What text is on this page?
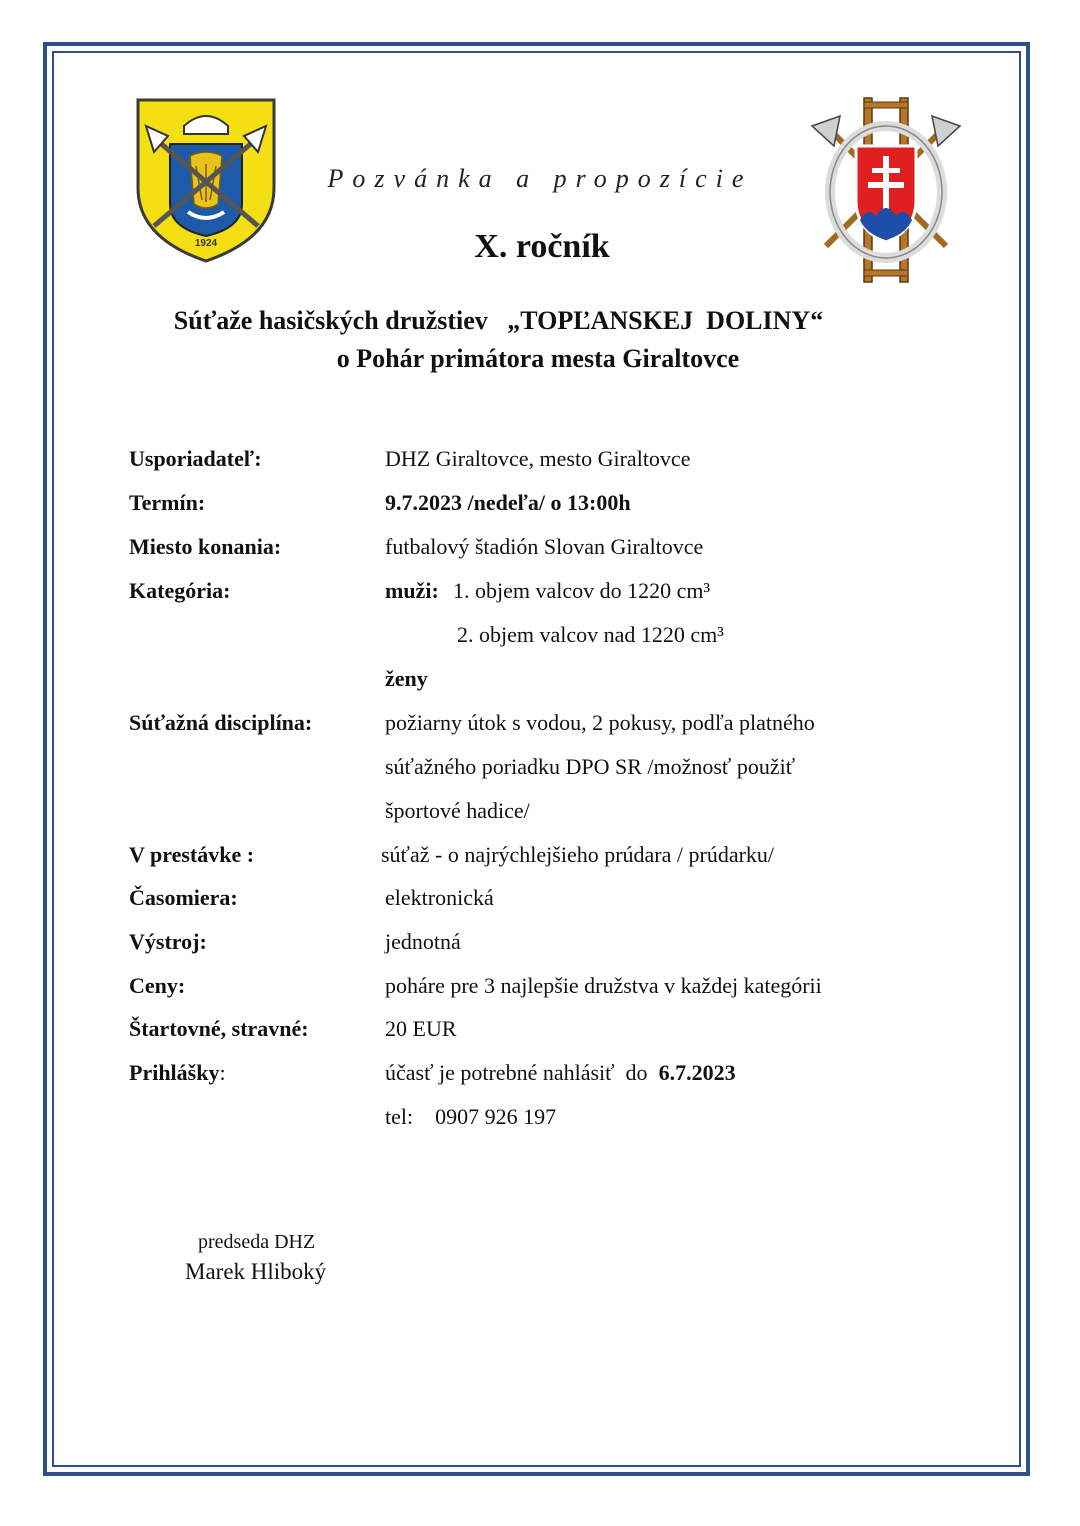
1924
Pozvánka a propozície
X. ročník
Súťaže hasičských družstiev   „TOPĽANSKEJ  DOLINY“
o Pohár primátora mesta Giraltovce
Usporiadateľ:	DHZ Giraltovce, mesto Giraltovce
Termín:	9.7.2023 /nedeľa/ o 13:00h
Miesto konania:	futbalový štadión Slovan Giraltovce
Kategória:	muži: 1. objem valcov do 1220 cm³
2. objem valcov nad 1220 cm³
ženy
Súťažná disciplína:	požiarny útok s vodou, 2 pokusy, podľa platného
súťažného poriadku DPO SR /možnosť použiť
športové hadice/
V prestávke :	súťaž - o najrýchlejšieho prúdara / prúdarku/
Časomiera:	elektronická
Výstroj:	jednotná
Ceny:	poháre pre 3 najlepšie družstva v každej kategórii
Štartovné, stravné:	20 EUR
Prihlášky:	účasť je potrebné nahlásiť  do  6.7.2023
tel:    0907 926 197
predseda DHZ
Marek Hliboký
